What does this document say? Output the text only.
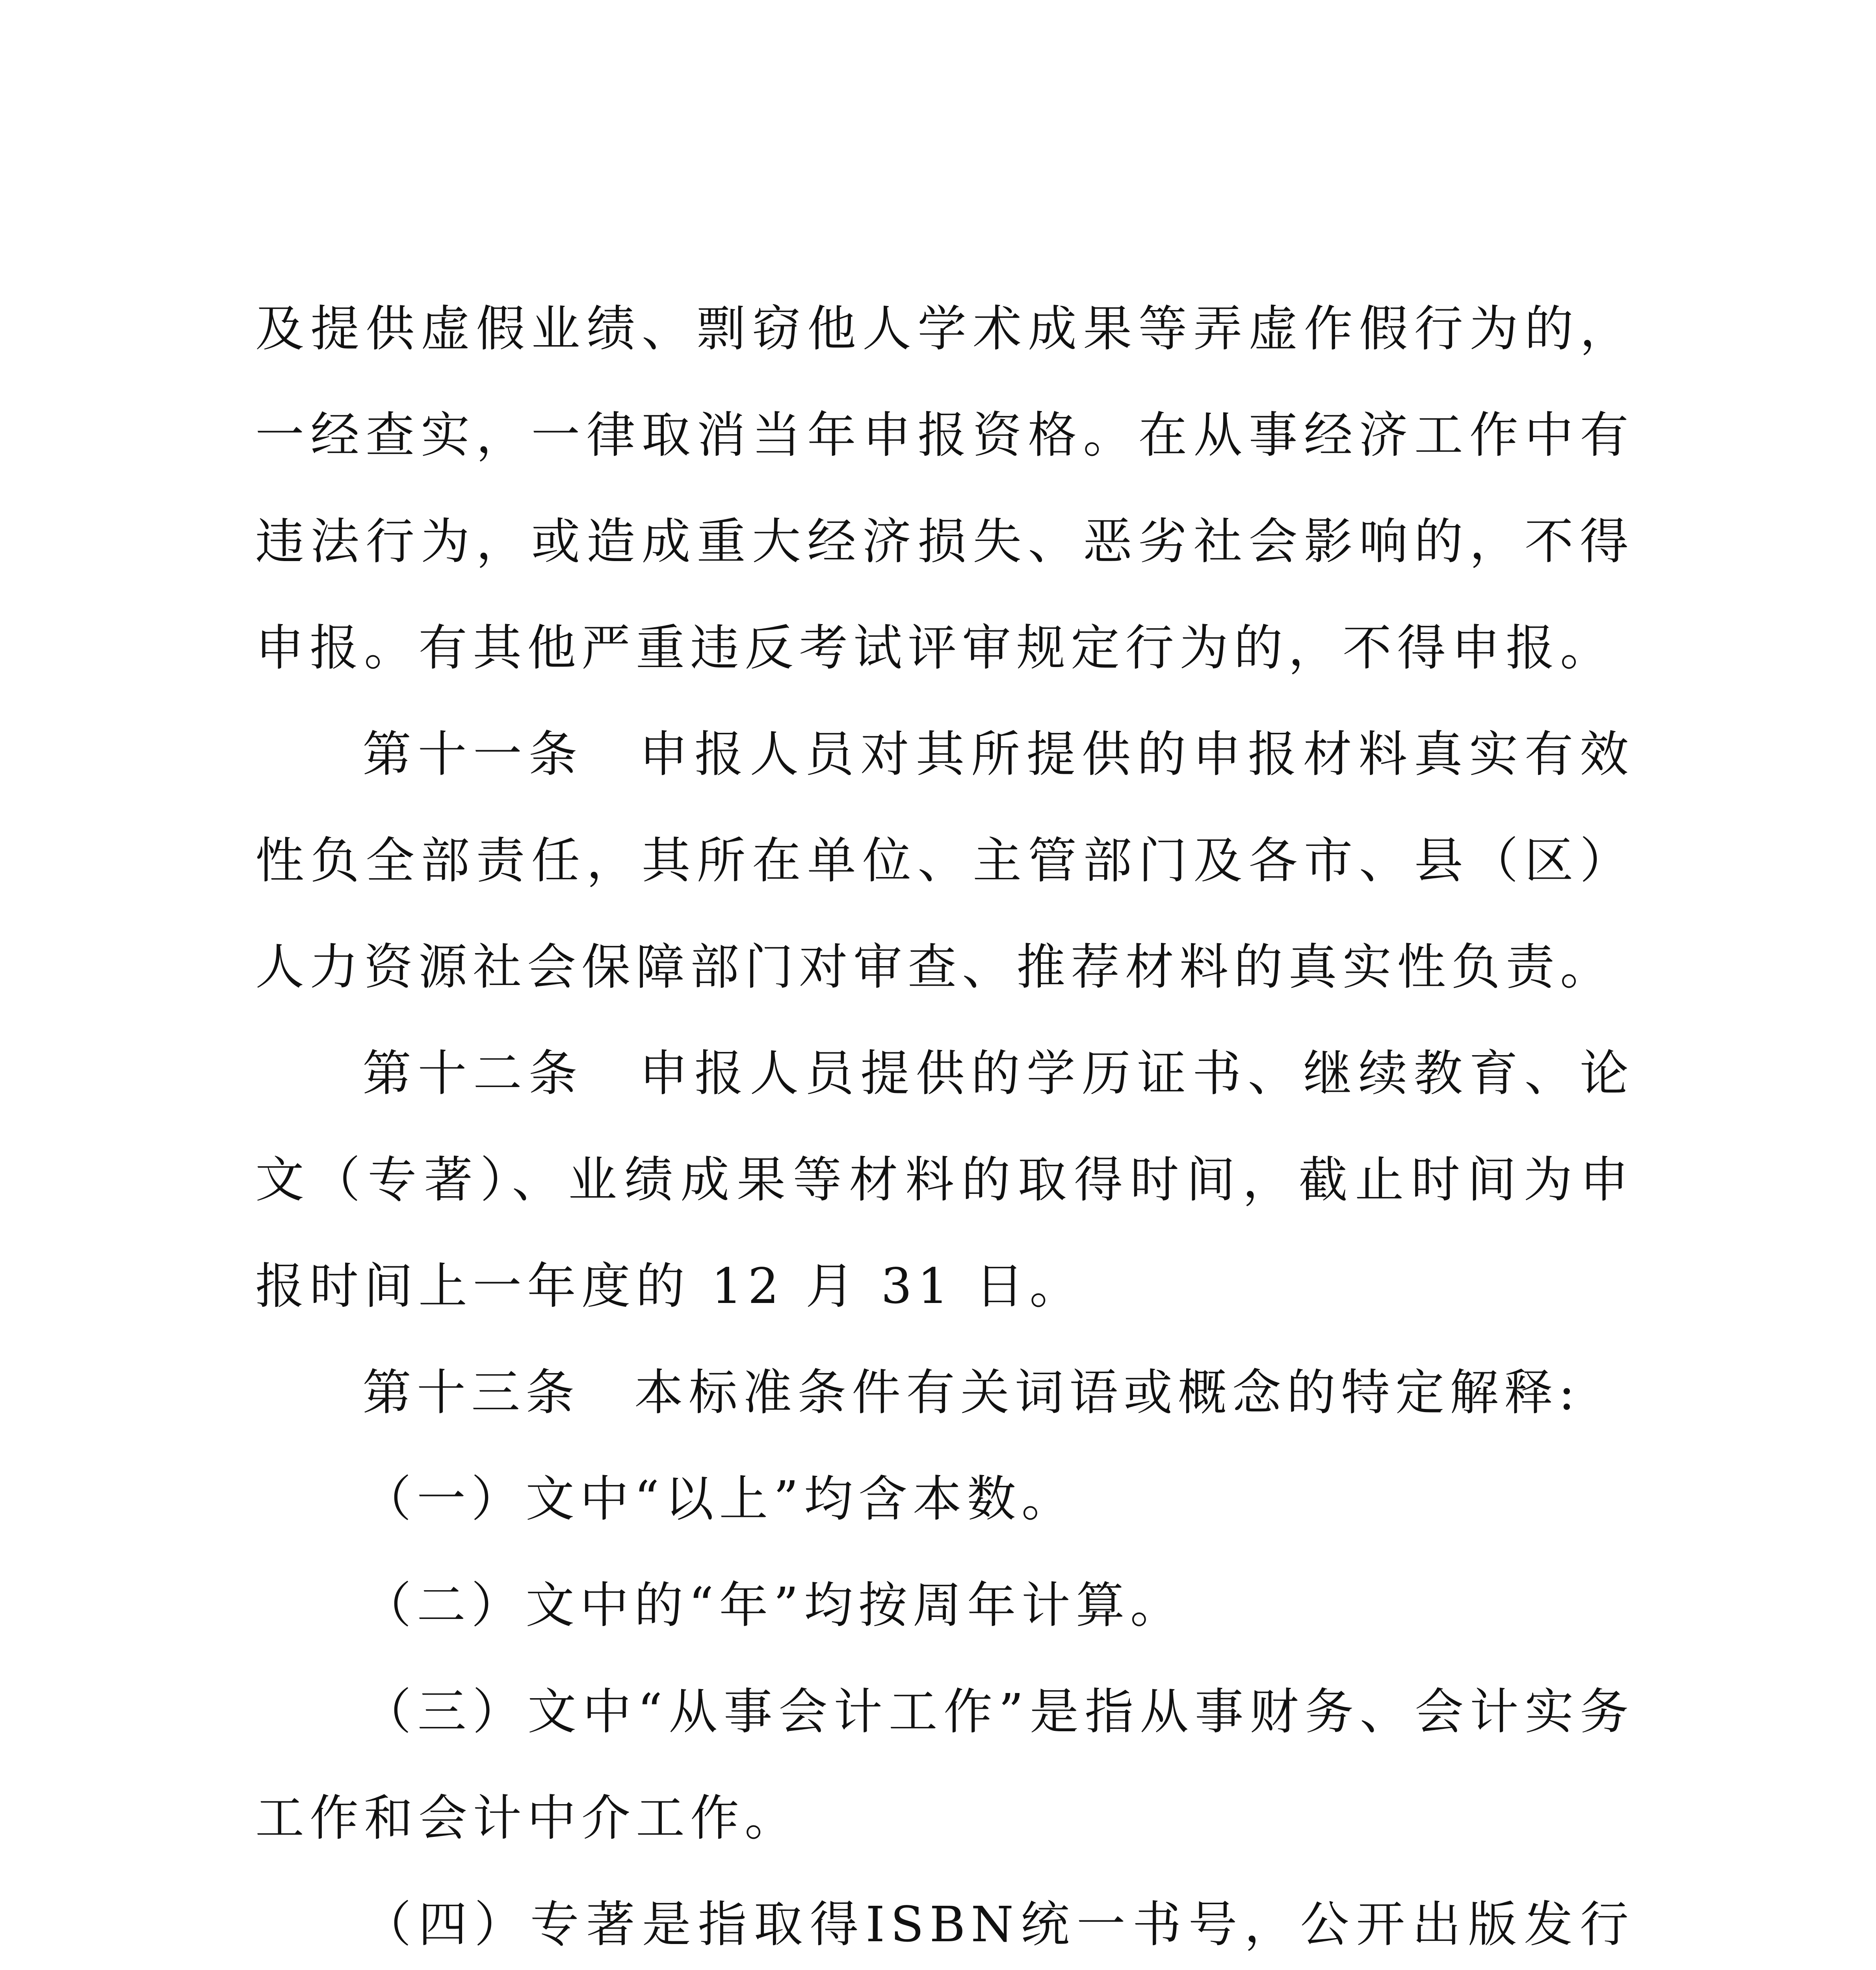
及提供虚假业绩、剽窃他人学术成果等弄虚作假行为的，一经查实，一律取消当年申报资格。在从事经济工作中有违法行为，或造成重大经济损失、恶劣社会影响的，不得申报。有其他严重违反考试评审规定行为的，不得申报。

第十一条　申报人员对其所提供的申报材料真实有效性负全部责任，其所在单位、主管部门及各市、县（区）人力资源社会保障部门对审查、推荐材料的真实性负责。

第十二条　申报人员提供的学历证书、继续教育、论文（专著）、业绩成果等材料的取得时间，截止时间为申报时间上一年度的 12 月 31 日。

第十三条　本标准条件有关词语或概念的特定解释:

（一）文中“以上”均含本数。

（二）文中的“年”均按周年计算。

（三）文中“从事会计工作”是指从事财务、会计实务工作和会计中介工作。

（四）专著是指取得ISBN统一书号，公开出版发行
